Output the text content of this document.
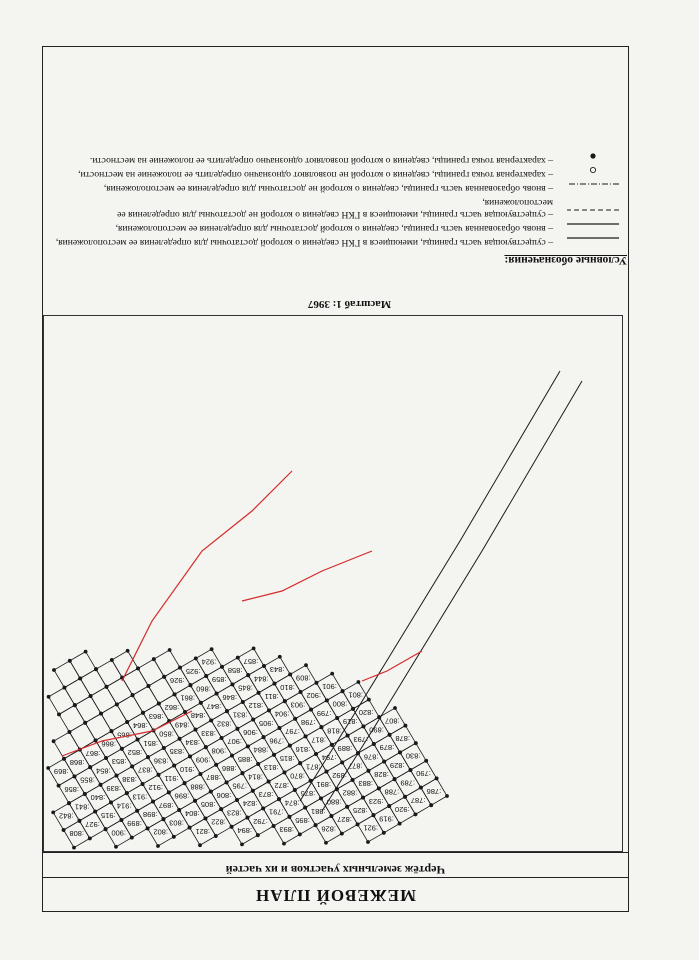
МЕЖЕВОЙ ПЛАН
Чертёж земельных участков и их частей
:786
:787
:920
:919
:921
:790
:789
:788
:923
:825
:827
:826
:830
:829
:828
:883
:882
:880
:881
:895
:893
:878
:879
:876
:877
:892
:891
:875
:874
:791
:792
:894
:807
:890
:793
:889
:794
:871
:870
:872
:873
:824
:823
:822
:821
:820
:819
:818
:817
:816
:815
:813
:814
:795
:806
:805
:804
:803
:802
:801
:800
:799
:798
:797
:796
:884
:885
:886
:887
:888
:896
:897
:898
:899
:900
:901
:902
:903
:904
:905
:906
:907
:908
:909
:910
:911
:912
:913
:914
:915
:927
:808
:809
:810
:811
:812
:831
:832
:833
:834
:835
:836
:837
:838
:839
:840
:841
:842
:843
:844
:845
:846
:847
:848
:849
:850
:851
:852
:853
:854
:855
:856
:857
:858
:859
:860
:861
:862
:863
:864
:865
:866
:867
:868
:869
:924
:925
:926
Масштаб 1: 3967
Условные обозначения:
– существующая часть границы, имеющиеся в ГКН сведения о которой достаточны для определения ее местоположения,
– вновь образованная часть границы, сведения о которой достаточны для определения ее местоположения,
– существующая часть границы, имеющиеся в ГКН сведения о которой не достаточны для определения ее местоположения,
– вновь образованная часть границы, сведения о которой не достаточны для определения ее местоположения,
– характерная точка границы, сведения о которой не позволяют однозначно определить ее положение на местности,
– характерная точка границы, сведения о которой позволяют однозначно определить ее положение на местности.
